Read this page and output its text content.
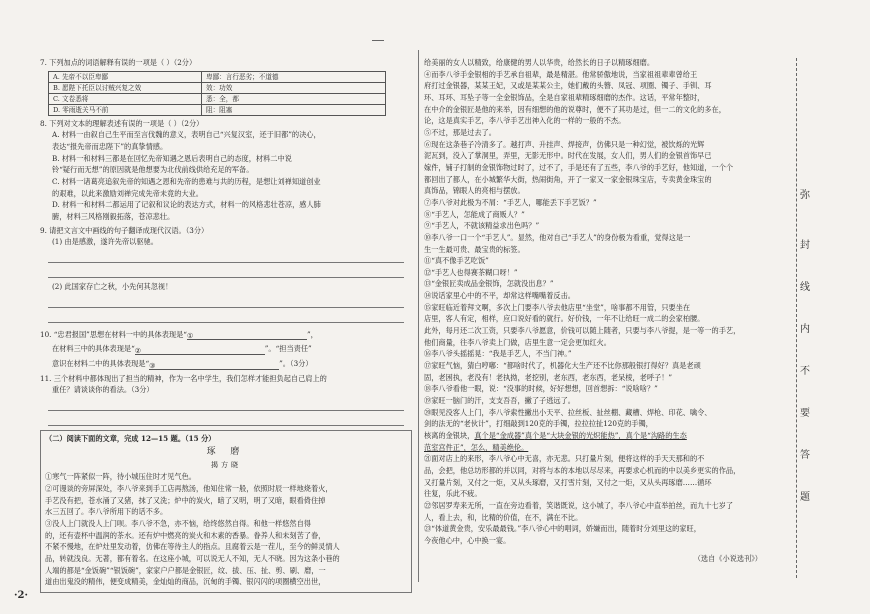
弥
封
线
内
不
要
答
题

7. 下列加点的词语解释有误的一项是（ ）（2分）

A. 先帝不以臣卑鄙	卑鄙：言行恶劣；不道德
B. 愿陛下托臣以讨贼兴复之效	效：功效
C. 文卷悉将	悉：全，都
D. 零雨逝关马不前	阻：阻塞

8. 下列对文本的理解表述有误的一项是（ ）（2分）

A. 材料一由叙自己生平而至言伐魏的意义，表明自己“兴复汉室，还于旧都”的决心，

表达“报先帝而忠陛下”的真挚情感。

B. 材料一和材料三都是在回忆先帝知遇之恩后表明自己的态度，材料二中说

铃“疑行而无想”的原因就是他想要为北伐前线供给充足的军备。

C. 材料一诸葛亮追叙先帝的知遇之恩和先帝的患难与共的历程，是想让刘禅知道创业

的艰难，以此来激励刘禅完成先帝未竟的大业。

D. 材料一和材料二都运用了记叙和议论的表达方式，材料一的风格悲壮苍凉，感人肺

腑，材料三风格刚毅拓落，苍凉悲壮。

9. 请把文言文中画线的句子翻译成现代汉语。（3分）

(1) 由是感激，遂许先帝以驱驰。

(2) 此国家存亡之秋，小先何其忽视！

10. “忠君报国”思想在材料一中的具体表现是“①	”，

在材料三中的具体表现是“②	”。“担当责任”

意识在材料二中的具体表现是“③	”。（3分）

11. 三个材料中都体现出了担当的精神，作为一名中学生，我们怎样才能担负起自己肩上的

重任？请谈谈你的看法。（3分）

（二）阅读下面的文章，完成 12—15 题。（15 分）

琢 磨

揭方晓

①寒气一阵紧似一阵，待小城压住时才见气色。

②可谩谈的旁屏深处，李八爷来到手工店再熬汤，他知住常一般，依照时辰一样地烧着火，

手艺没有把，苍水涌了又猪，抹了又洗；炉中的炭火，暗了又明，明了又暗，眼看倚住掉

水三五回了。李八爷所用下的话不多。

③没人上门就没人上门呗。李八爷不急，亦不恼，给终悠然自得。和他一样悠然自得

的，还有壶杯中温润的茶水。还有炉中燃亮的炭火和木素的香暴。眷养人和未刻苦了眷，

不紧不慢地，在炉灶里发动着，仿佛在等待主人的指点。且腐着云是一茬儿，至今的鲜灵情人

品，转就浅良。无著，都有着名。在这座小城，可以说无人不知，无人不晓。因为这条小巷的

人端的都是“金饭碗”“银饭碗”，家家户户都是金银匠，纹、拔、压、扯、剪、刷、磨，一

道由出鬼没的精伟，便变成精美，金灿灿的商品，沉甸的手镯、银闪闪的项圈横空出世，

给美丽的女人以精致，给康健的男人以华贵，给然长的日子以精琢细磨。

④而李八爷手金银相的手艺承自祖辈，最是精湛。他常骄傲地说，当家祖祖辈辈曾给王

府打过金银器，某某王妃，又或是某某公主，她们戴的头簪、凤冠、项圈、镯子、手钏、耳

环、耳环、耳坠子等一全金银饰品，全是自家祖辈精琢细磨的杰作。这话，平常年整时，

在中介的金银匠是他的来举，因有细想的他的说尊时，便不了其功是过，但一二的文化的多在，

论，这是真实手艺，李八爷手艺出神入化的一样的一般的不杰。

⑤不过，那是过去了。

⑥现在这条巷子冷清多了。越打声、升挂声、焊接声，仿佛只是一种幻觉，被饮烁的光辉

泥瓦到，没入了掌洞里，弄里，无影无形中。时代在发展，女人们，男人们的金银首饰早已

嫁件，铺子打制的金银饰物过时了，过不了，手是还有了五些，李八爷的手艺好，他知道，一个个

都回出了都人，在小城繁华大街，热闹街角，开了一家又一家金银珠宝店，专卖黄金珠宝的

真饰品，锦眼人的亮相与摆放。

⑦李八爷对此极为不屑：“手艺人，哪能丢下手艺饭？”

⑧“手艺人，怎能成了商贩人？”

⑨“手艺人，不就该精益求出色吗？”

⑩李八爷一口一个“手艺人”。显然，他对自己“手艺人”的身份极为看重，觉得这是一

生一生最可贵、最宝贵的标签。

⑪“真不像手艺吃饭”

⑫“手艺人也得赛茶糊口呀！”

⑬“金银匠卖成品金银饰，怎就没出息？”

⑭说话家里心中的不平，却常这样嘴嘴着反击。

⑮家旺临近着拜文啊，多次上门要李八爷去他店里“坐堂”，啥事都不用管，只要坐在

店里，客人有定，相样，应口说好看的就行。好价钱，一年不让给旺一成二的会家柏腰。

此外，每月还二次工资，只要李八爷愿意，价钱可以随上随者，只要与李八爷提，是一等一的手艺，

他们商量，往李八爷卖上门做，店里生意一定会更加红火。

⑯李八爷头摇摇晃：“我是手艺人，不当门神。”

⑰家旺气恼，猜白哼嘟：“都啥时代了，机器化大生产还不比你那般银打得好？真是老顽

固，老困执，老没有！老执拗，老挖别，老东西，老东西，老呆棱，老呼子！”

⑱李八爷看他一眼，说：“没事的时候，好好想想，回首想拆：“说啥啥？”

⑲家旺一脑门的汗，支支吾吾，撇了子逃远了。

⑳眼见没客人上门，李八爷索性撇出小天平、拉丝板、扯丝棚、藏槽、焊枪、印花、噙令、

剑的法无的“老伙计”，打细敲到120克的手镯，拉拉拉扯120克的手镯，

核离的金银块，真个是“金成器”真个是“大块金银的光炽能热”，真个是“沟路的生态

范室宫件正”，怎么，精美绝伦。

㉑面对店上的来形，李八爷心中无喜，亦无悲。只打量片刻，便将这样的手天天那和的不

品，会把，他总坊形都的并以同，对将与本的本地以尽尽来，再要求心机而的中以美乡更实的作品，

又打量片刻，又付之一炬，又从头琢磨，又打雪片刻，又付之一炬，又从头再琢磨……循环

往复，乐此不疲。

㉒邻居罗寿来无所，一直在旁边看着，笑谐既说，这小城了，李八爷心中直举拍丝，而九十七岁了

人，看上去，和，比精的价值，在不，满在不比。

㉓“体道黄金贵，安乐最最钱。”李八爷心中的唱词，娇嫌而出，随着时分刘里这的家旺，

今夜他心中，心中换一宴。

（选自《小说选刊》）

·2·
